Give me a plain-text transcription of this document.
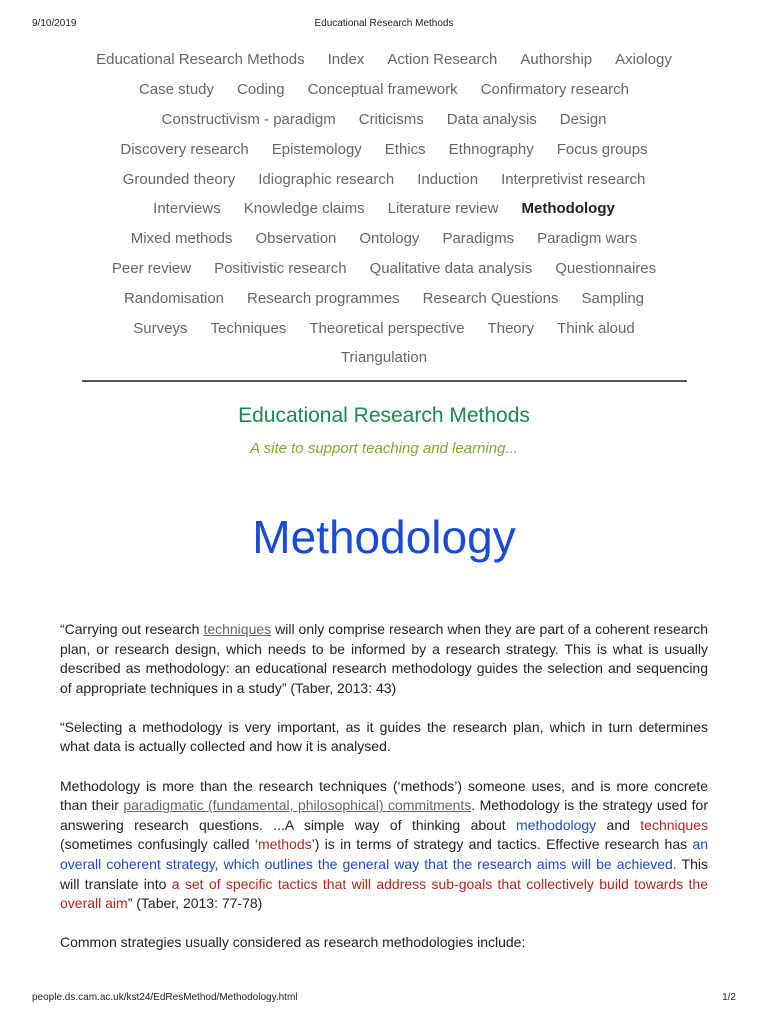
9/10/2019	Educational Research Methods
Educational Research Methods Index Action Research Authorship Axiology
Case study Coding Conceptual framework Confirmatory research
Constructivism - paradigm Criticisms Data analysis Design
Discovery research Epistemology Ethics Ethnography Focus groups
Grounded theory Idiographic research Induction Interpretivist research
Interviews Knowledge claims Literature review Methodology
Mixed methods Observation Ontology Paradigms Paradigm wars
Peer review Positivistic research Qualitative data analysis Questionnaires
Randomisation Research programmes Research Questions Sampling
Surveys Techniques Theoretical perspective Theory Think aloud
Triangulation
Educational Research Methods
A site to support teaching and learning...
Methodology

“Carrying out research techniques will only comprise research when they are part of a coherent research plan, or research design, which needs to be informed by a research strategy. This is what is usually described as methodology: an educational research methodology guides the selection and sequencing of appropriate techniques in a study” (Taber, 2013: 43)

“Selecting a methodology is very important, as it guides the research plan, which in turn determines what data is actually collected and how it is analysed.

Methodology is more than the research techniques (‘methods’) someone uses, and is more concrete than their paradigmatic (fundamental, philosophical) commitments. Methodology is the strategy used for answering research questions. ...A simple way of thinking about methodology and techniques (sometimes confusingly called ‘methods’) is in terms of strategy and tactics. Effective research has an overall coherent strategy, which outlines the general way that the research aims will be achieved. This will translate into a set of specific tactics that will address sub-goals that collectively build towards the overall aim” (Taber, 2013: 77-78)

Common strategies usually considered as research methodologies include:

people.ds.cam.ac.uk/kst24/EdResMethod/Methodology.html	1/2
